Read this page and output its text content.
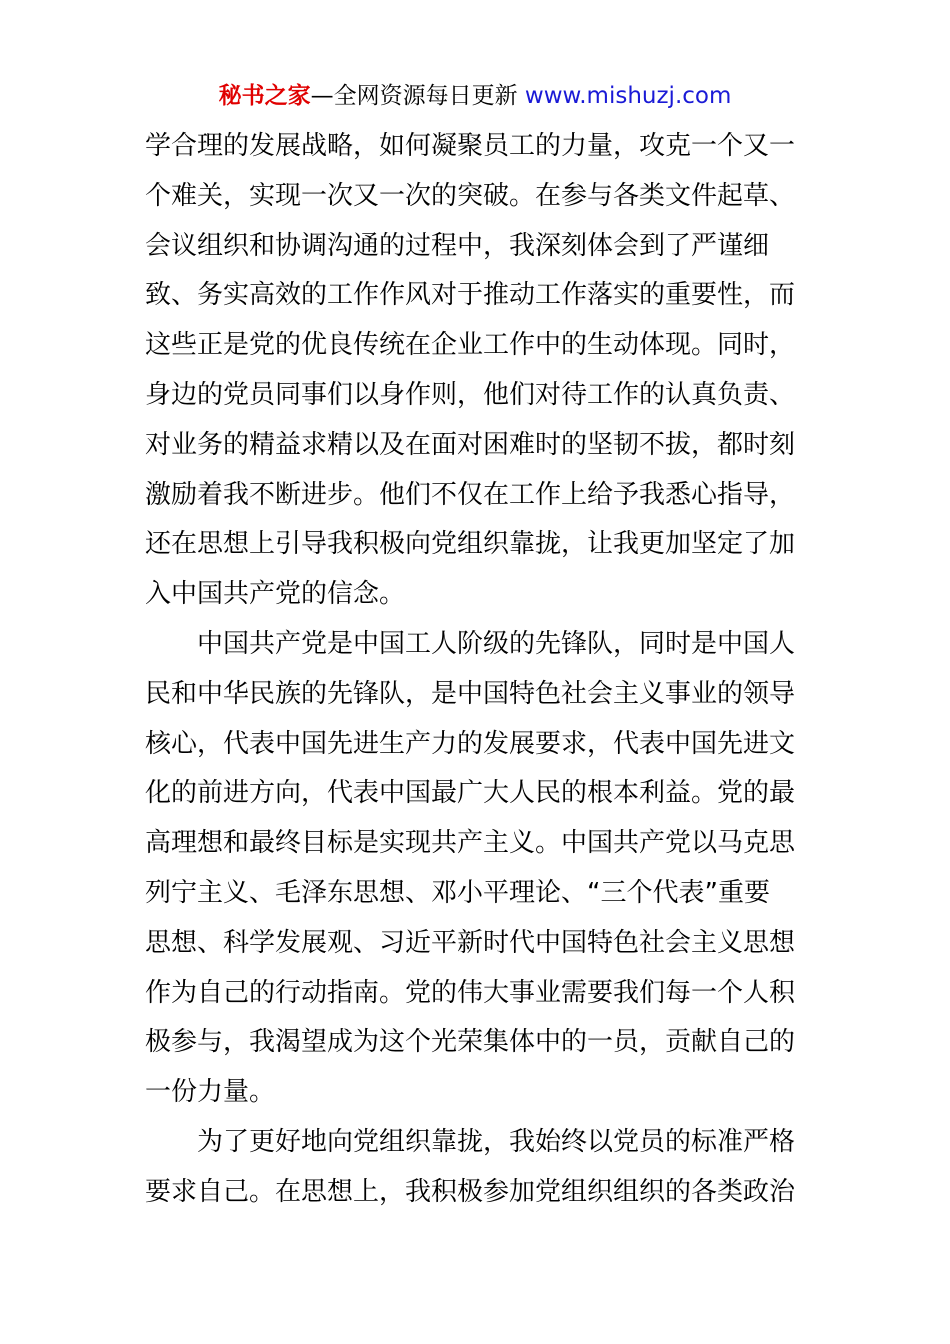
秘书之家—全网资源每日更新 www.mishuzj.com
学合理的发展战略，如何凝聚员工的力量，攻克一个又一
个难关，实现一次又一次的突破。在参与各类文件起草、
会议组织和协调沟通的过程中，我深刻体会到了严谨细
致、务实高效的工作作风对于推动工作落实的重要性，而
这些正是党的优良传统在企业工作中的生动体现。同时，
身边的党员同事们以身作则，他们对待工作的认真负责、
对业务的精益求精以及在面对困难时的坚韧不拔，都时刻
激励着我不断进步。他们不仅在工作上给予我悉心指导，
还在思想上引导我积极向党组织靠拢，让我更加坚定了加
入中国共产党的信念。
中国共产党是中国工人阶级的先锋队，同时是中国人
民和中华民族的先锋队，是中国特色社会主义事业的领导
核心，代表中国先进生产力的发展要求，代表中国先进文
化的前进方向，代表中国最广大人民的根本利益。党的最
高理想和最终目标是实现共产主义。中国共产党以马克思
列宁主义、毛泽东思想、邓小平理论、“三个代表”重要
思想、科学发展观、习近平新时代中国特色社会主义思想
作为自己的行动指南。党的伟大事业需要我们每一个人积
极参与，我渴望成为这个光荣集体中的一员，贡献自己的
一份力量。
为了更好地向党组织靠拢，我始终以党员的标准严格
要求自己。在思想上，我积极参加党组织组织的各类政治
